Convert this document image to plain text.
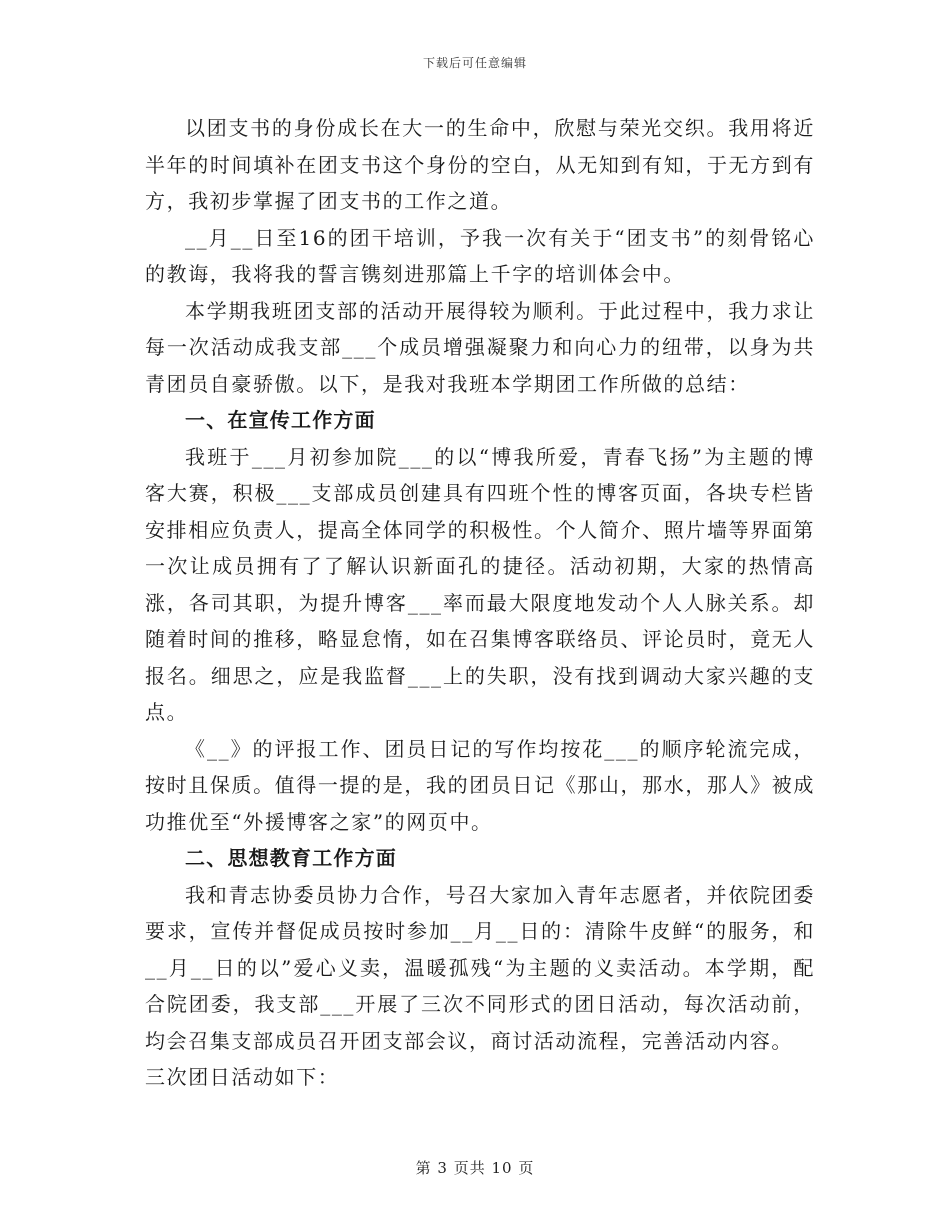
下载后可任意编辑

以团支书的身份成长在大一的生命中，欣慰与荣光交织。我用将近半年的时间填补在团支书这个身份的空白，从无知到有知，于无方到有方，我初步掌握了团支书的工作之道。

__月__日至16的团干培训，予我一次有关于“团支书”的刻骨铭心的教诲，我将我的誓言镌刻进那篇上千字的培训体会中。

本学期我班团支部的活动开展得较为顺利。于此过程中，我力求让每一次活动成我支部___个成员增强凝聚力和向心力的纽带，以身为共青团员自豪骄傲。以下，是我对我班本学期团工作所做的总结：

一、在宣传工作方面

我班于___月初参加院___的以“博我所爱，青春飞扬”为主题的博客大赛，积极___支部成员创建具有四班个性的博客页面，各块专栏皆安排相应负责人，提高全体同学的积极性。个人简介、照片墙等界面第一次让成员拥有了了解认识新面孔的捷径。活动初期，大家的热情高涨，各司其职，为提升博客___率而最大限度地发动个人人脉关系。却随着时间的推移，略显怠惰，如在召集博客联络员、评论员时，竟无人报名。细思之，应是我监督___上的失职，没有找到调动大家兴趣的支点。

《__》的评报工作、团员日记的写作均按花___的顺序轮流完成，按时且保质。值得一提的是，我的团员日记《那山，那水，那人》被成功推优至“外援博客之家”的网页中。

二、思想教育工作方面

我和青志协委员协力合作，号召大家加入青年志愿者，并依院团委要求，宣传并督促成员按时参加__月__日的：清除牛皮鲜“的服务，和__月__日的以”爱心义卖，温暖孤残“为主题的义卖活动。本学期，配合院团委，我支部___开展了三次不同形式的团日活动，每次活动前，均会召集支部成员召开团支部会议，商讨活动流程，完善活动内容。

三次团日活动如下：

第 3 页共 10 页
